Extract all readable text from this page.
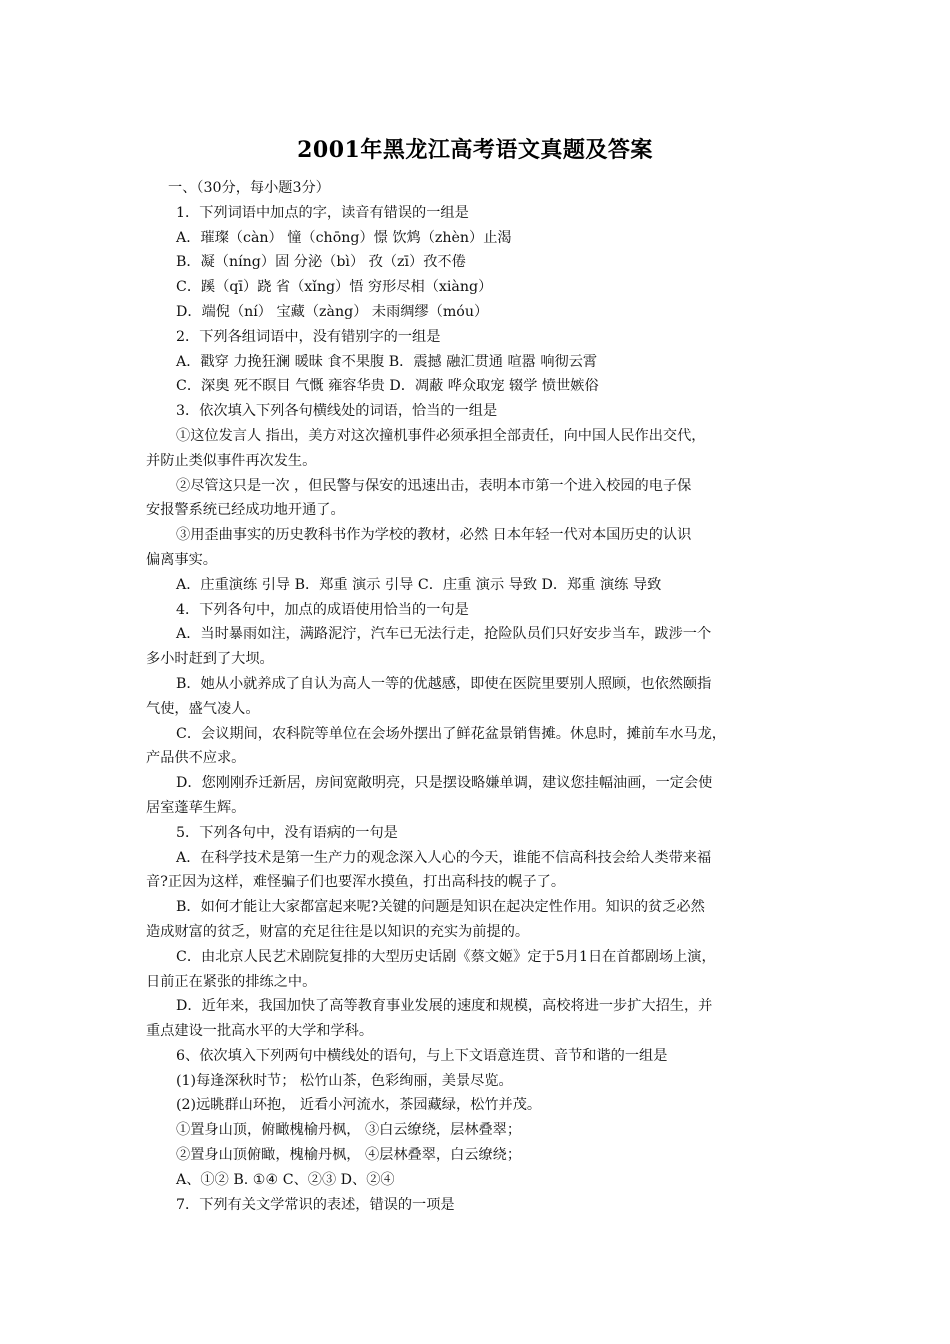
2001年黑龙江高考语文真题及答案
一、（30分，每小题3分）
1．下列词语中加点的字，读音有错误的一组是
A．璀璨（càn） 憧（chōng）憬 饮鸩（zhèn）止渴
B．凝（níng）固 分泌（bì） 孜（zī）孜不倦
C．蹊（qī）跷 省（xǐng）悟 穷形尽相（xiàng）
D．端倪（ní） 宝藏（zàng） 未雨绸缪（móu）
2．下列各组词语中，没有错别字的一组是
A．戳穿 力挽狂澜 暖昧 食不果腹 B．震撼 融汇贯通 喧嚣 响彻云霄
C．深奥 死不瞑目 气慨 雍容华贵 D．凋蔽 哗众取宠 辍学 愤世嫉俗
3．依次填入下列各句横线处的词语，恰当的一组是
①这位发言人 指出，美方对这次撞机事件必须承担全部责任，向中国人民作出交代，
并防止类似事件再次发生。
②尽管这只是一次 ，但民警与保安的迅速出击，表明本市第一个进入校园的电子保
安报警系统已经成功地开通了。
③用歪曲事实的历史教科书作为学校的教材，必然 日本年轻一代对本国历史的认识
偏离事实。
A．庄重演练 引导 B．郑重 演示 引导 C．庄重 演示 导致 D．郑重 演练 导致
4．下列各句中，加点的成语使用恰当的一句是
A．当时暴雨如注，满路泥泞，汽车已无法行走，抢险队员们只好安步当车，跋涉一个
多小时赶到了大坝。
B．她从小就养成了自认为高人一等的优越感，即使在医院里要别人照顾，也依然颐指
气使，盛气凌人。
C．会议期间，农科院等单位在会场外摆出了鲜花盆景销售摊。休息时，摊前车水马龙，
产品供不应求。
D．您刚刚乔迁新居，房间宽敞明亮，只是摆设略嫌单调，建议您挂幅油画，一定会使
居室蓬荜生辉。
5．下列各句中，没有语病的一句是
A．在科学技术是第一生产力的观念深入人心的今天，谁能不信高科技会给人类带来福
音?正因为这样，难怪骗子们也要浑水摸鱼，打出高科技的幌子了。
B．如何才能让大家都富起来呢?关键的问题是知识在起决定性作用。知识的贫乏必然
造成财富的贫乏，财富的充足往往是以知识的充实为前提的。
C．由北京人民艺术剧院复排的大型历史话剧《蔡文姬》定于5月1日在首都剧场上演，
日前正在紧张的排练之中。
D．近年来，我国加快了高等教育事业发展的速度和规模，高校将进一步扩大招生，并
重点建设一批高水平的大学和学科。
6、依次填入下列两句中横线处的语句，与上下文语意连贯、音节和谐的一组是
(1)每逢深秋时节； 松竹山茶，色彩绚丽，美景尽览。
(2)远眺群山环抱， 近看小河流水，茶园藏绿，松竹并茂。
①置身山顶，俯瞰槐榆丹枫， ③白云缭绕，层林叠翠；
②置身山顶俯瞰，槐榆丹枫， ④层林叠翠，白云缭绕；
A、①② B. ①④ C、②③ D、②④
7．下列有关文学常识的表述，错误的一项是
